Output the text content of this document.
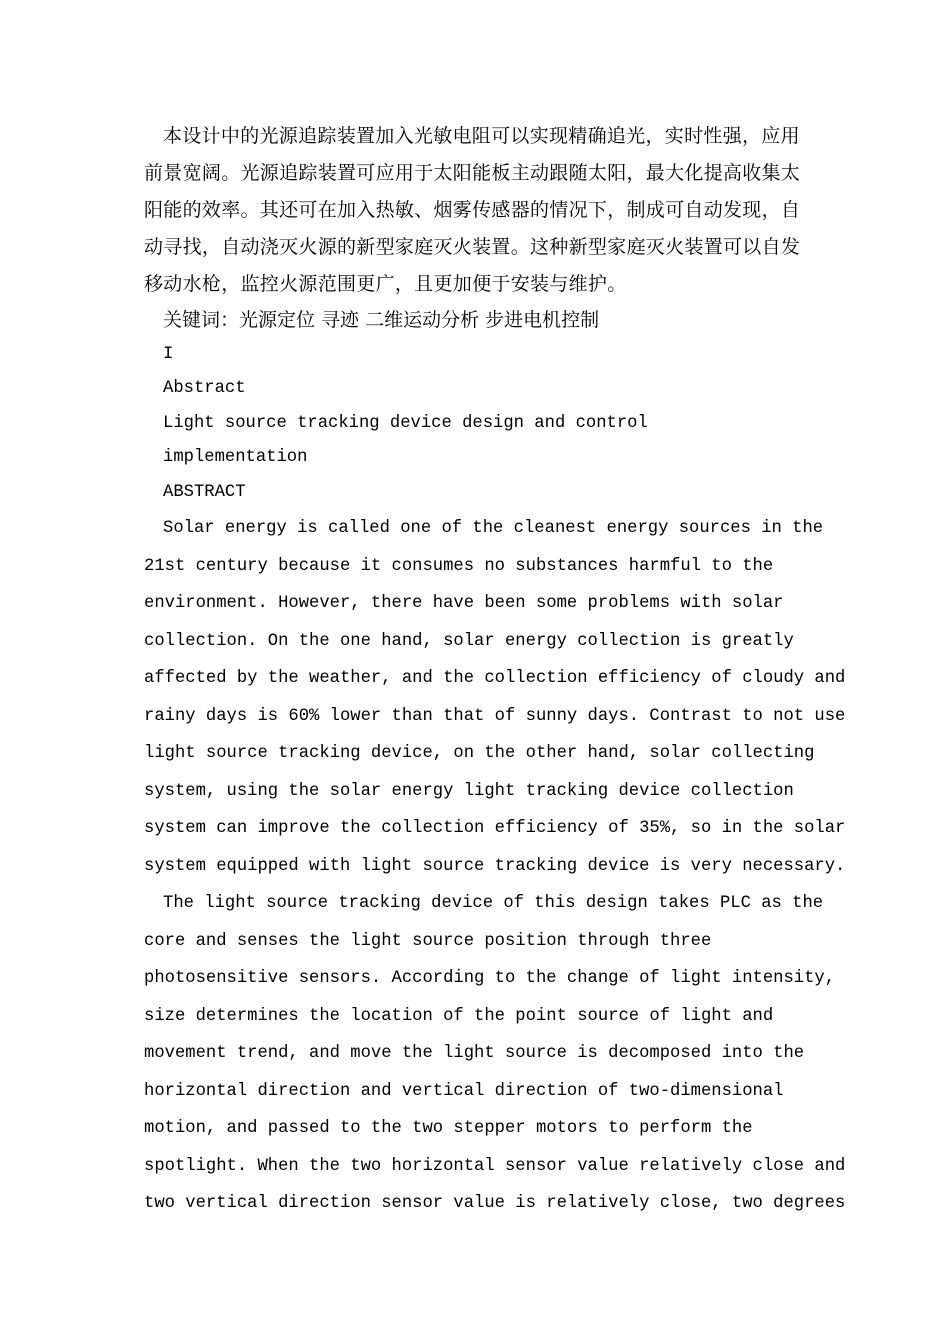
本设计中的光源追踪装置加入光敏电阻可以实现精确追光，实时性强，应用

前景宽阔。光源追踪装置可应用于太阳能板主动跟随太阳，最大化提高收集太

阳能的效率。其还可在加入热敏、烟雾传感器的情况下，制成可自动发现，自

动寻找，自动浇灭火源的新型家庭灭火装置。这种新型家庭灭火装置可以自发

移动水枪，监控火源范围更广，且更加便于安装与维护。

关键词：光源定位 寻迹 二维运动分析 步进电机控制

I

Abstract

Light source tracking device design and control

implementation

ABSTRACT

Solar energy is called one of the cleanest energy sources in the

21st century because it consumes no substances harmful to the

environment. However, there have been some problems with solar

collection. On the one hand, solar energy collection is greatly

affected by the weather, and the collection efficiency of cloudy and

rainy days is 60% lower than that of sunny days. Contrast to not use

light source tracking device, on the other hand, solar collecting

system, using the solar energy light tracking device collection

system can improve the collection efficiency of 35%, so in the solar

system equipped with light source tracking device is very necessary.

The light source tracking device of this design takes PLC as the

core and senses the light source position through three

photosensitive sensors. According to the change of light intensity,

size determines the location of the point source of light and

movement trend, and move the light source is decomposed into the

horizontal direction and vertical direction of two-dimensional

motion, and passed to the two stepper motors to perform the

spotlight. When the two horizontal sensor value relatively close and

two vertical direction sensor value is relatively close, two degrees
